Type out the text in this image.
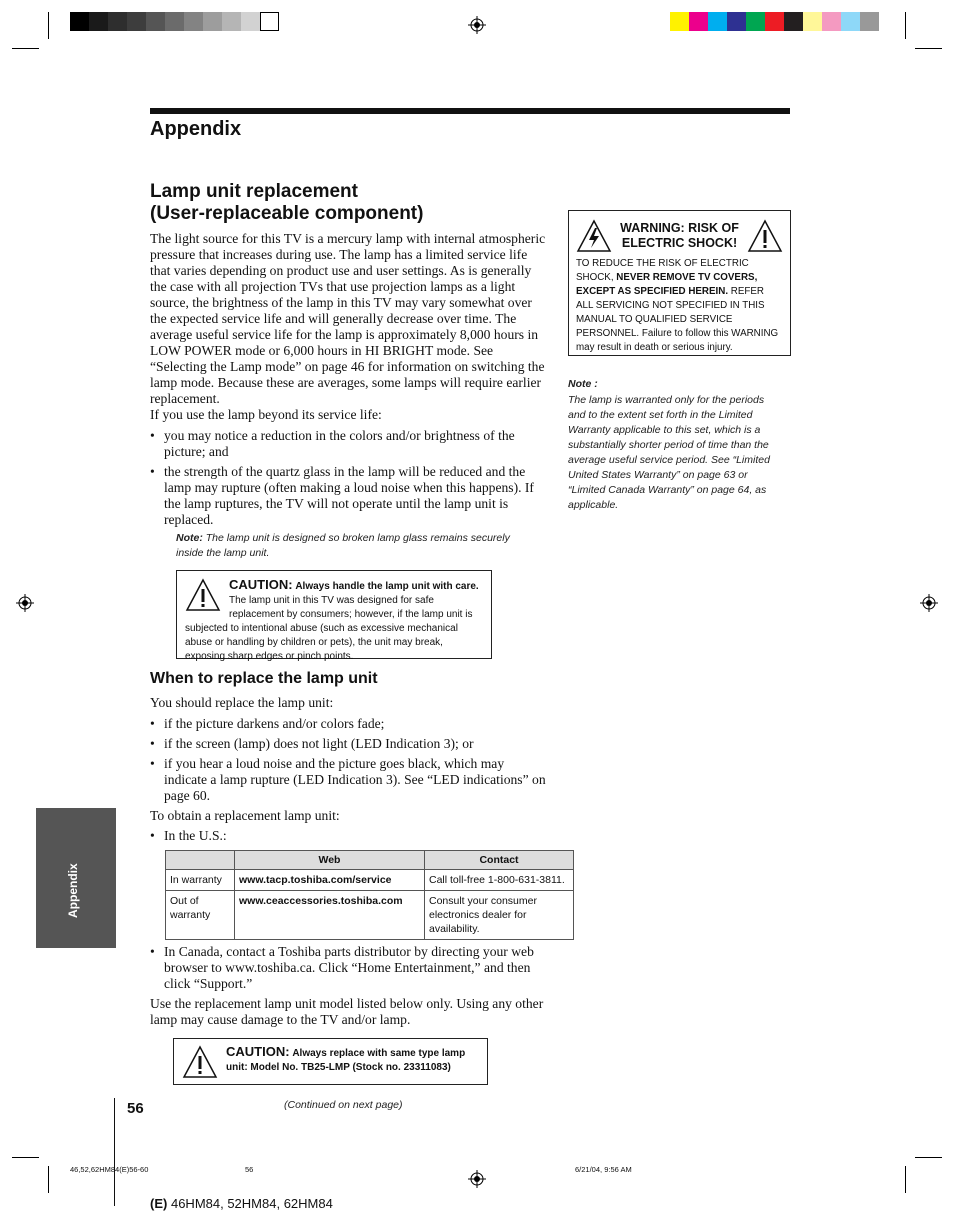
Appendix
Lamp unit replacement
(User-replaceable component)
The light source for this TV is a mercury lamp with internal atmospheric pressure that increases during use. The lamp has a limited service life that varies depending on product use and user settings. As is generally the case with all projection TVs that use projection lamps as a light source, the brightness of the lamp in this TV may vary somewhat over the expected service life and will generally decrease over time. The average useful service life for the lamp is approximately 8,000 hours in LOW POWER mode or 6,000 hours in HI BRIGHT mode. See “Selecting the Lamp mode” on page 46 for information on switching the lamp mode. Because these are averages, some lamps will require earlier replacement.
If you use the lamp beyond its service life:
• you may notice a reduction in the colors and/or brightness of the picture; and
• the strength of the quartz glass in the lamp will be reduced and the lamp may rupture (often making a loud noise when this happens). If the lamp ruptures, the TV will not operate until the lamp unit is replaced.
Note: The lamp unit is designed so broken lamp glass remains securely inside the lamp unit.
CAUTION: Always handle the lamp unit with care. The lamp unit in this TV was designed for safe replacement by consumers; however, if the lamp unit is subjected to intentional abuse (such as excessive mechanical abuse or handling by children or pets), the unit may break, exposing sharp edges or pinch points.
When to replace the lamp unit
You should replace the lamp unit:
• if the picture darkens and/or colors fade;
• if the screen (lamp) does not light (LED Indication 3); or
• if you hear a loud noise and the picture goes black, which may indicate a lamp rupture (LED Indication 3). See “LED indications” on page 60.
To obtain a replacement lamp unit:
• In the U.S.:
	Web	Contact
In warranty	www.tacp.toshiba.com/service	Call toll-free 1-800-631-3811.
Out of warranty	www.ceaccessories.toshiba.com	Consult your consumer electronics dealer for availability.
• In Canada, contact a Toshiba parts distributor by directing your web browser to www.toshiba.ca. Click “Home Entertainment,” and then click “Support.”
Use the replacement lamp unit model listed below only. Using any other lamp may cause damage to the TV and/or lamp.
CAUTION: Always replace with same type lamp unit: Model No. TB25-LMP (Stock no. 23311083)
(Continued on next page)
WARNING: RISK OF
ELECTRIC SHOCK!
TO REDUCE THE RISK OF ELECTRIC SHOCK, NEVER REMOVE TV COVERS, EXCEPT AS SPECIFIED HEREIN. REFER ALL SERVICING NOT SPECIFIED IN THIS MANUAL TO QUALIFIED SERVICE PERSONNEL. Failure to follow this WARNING may result in death or serious injury.
Note :
The lamp is warranted only for the periods and to the extent set forth in the Limited Warranty applicable to this set, which is a substantially shorter period of time than the average useful service period. See “Limited United States Warranty” on page 63 or “Limited Canada Warranty” on page 64, as applicable.
Appendix
56
46,52,62HM84(E)56-60	56	6/21/04, 9:56 AM
(E) 46HM84, 52HM84, 62HM84
